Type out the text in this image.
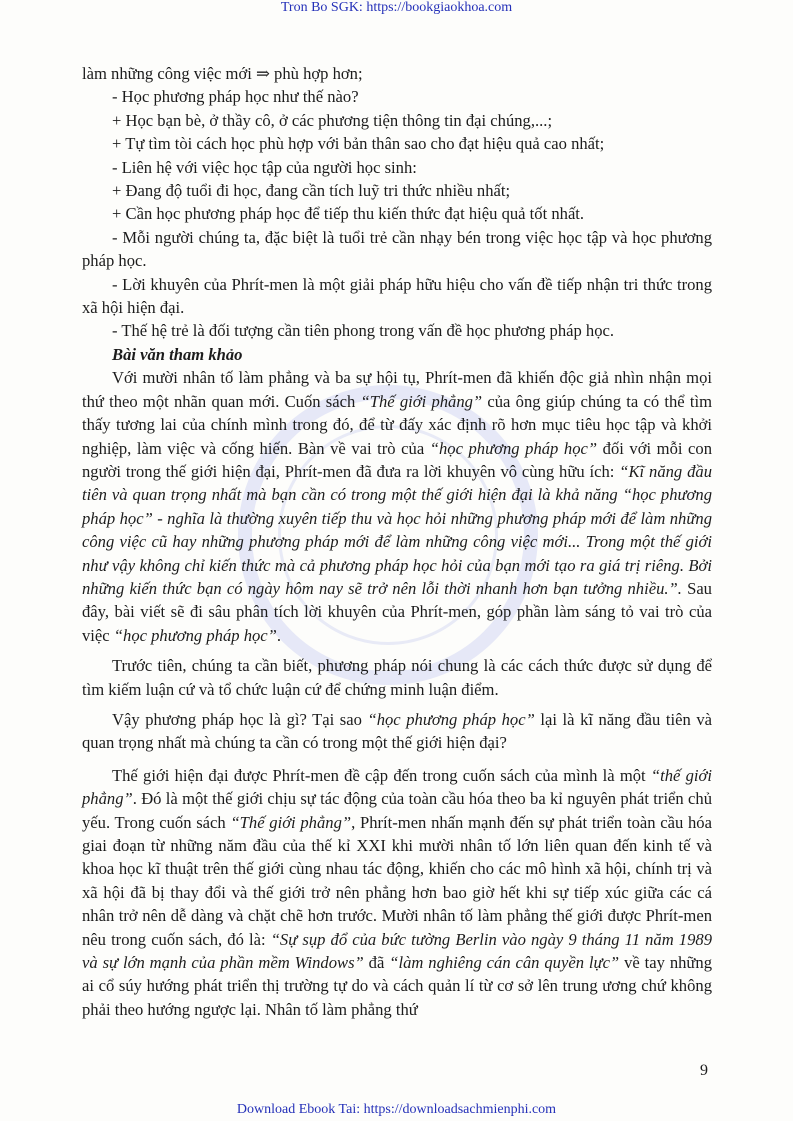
Tron Bo SGK: https://bookgiaokhoa.com

làm những công việc mới ⇒ phù hợp hơn;

- Học phương pháp học như thế nào?

+ Học bạn bè, ở thầy cô, ở các phương tiện thông tin đại chúng,...;

+ Tự tìm tòi cách học phù hợp với bản thân sao cho đạt hiệu quả cao nhất;

- Liên hệ với việc học tập của người học sinh:

+ Đang độ tuổi đi học, đang cần tích luỹ tri thức nhiều nhất;

+ Cần học phương pháp học để tiếp thu kiến thức đạt hiệu quả tốt nhất.

- Mỗi người chúng ta, đặc biệt là tuổi trẻ cần nhạy bén trong việc học tập và học phương pháp học.

- Lời khuyên của Phrít-men là một giải pháp hữu hiệu cho vấn đề tiếp nhận tri thức trong xã hội hiện đại.

- Thế hệ trẻ là đối tượng cần tiên phong trong vấn đề học phương pháp học.

Bài văn tham khảo

Với mười nhân tố làm phẳng và ba sự hội tụ, Phrít-men đã khiến độc giả nhìn nhận mọi thứ theo một nhãn quan mới. Cuốn sách “Thế giới phẳng” của ông giúp chúng ta có thể tìm thấy tương lai của chính mình trong đó, để từ đấy xác định rõ hơn mục tiêu học tập và khởi nghiệp, làm việc và cống hiến. Bàn về vai trò của “học phương pháp học” đối với mỗi con người trong thế giới hiện đại, Phrít-men đã đưa ra lời khuyên vô cùng hữu ích: “Kĩ năng đầu tiên và quan trọng nhất mà bạn cần có trong một thế giới hiện đại là khả năng “học phương pháp học” - nghĩa là thường xuyên tiếp thu và học hỏi những phương pháp mới để làm những công việc cũ hay những phương pháp mới để làm những công việc mới... Trong một thế giới như vậy không chỉ kiến thức mà cả phương pháp học hỏi của bạn mới tạo ra giá trị riêng. Bởi những kiến thức bạn có ngày hôm nay sẽ trở nên lỗi thời nhanh hơn bạn tưởng nhiều.”. Sau đây, bài viết sẽ đi sâu phân tích lời khuyên của Phrít-men, góp phần làm sáng tỏ vai trò của việc “học phương pháp học”.

Trước tiên, chúng ta cần biết, phương pháp nói chung là các cách thức được sử dụng để tìm kiếm luận cứ và tổ chức luận cứ để chứng minh luận điểm.

Vậy phương pháp học là gì? Tại sao “học phương pháp học” lại là kĩ năng đầu tiên và quan trọng nhất mà chúng ta cần có trong một thế giới hiện đại?

Thế giới hiện đại được Phrít-men đề cập đến trong cuốn sách của mình là một “thế giới phẳng”. Đó là một thế giới chịu sự tác động của toàn cầu hóa theo ba kỉ nguyên phát triển chủ yếu. Trong cuốn sách “Thế giới phẳng”, Phrít-men nhấn mạnh đến sự phát triển toàn cầu hóa giai đoạn từ những năm đầu của thế kỉ XXI khi mười nhân tố lớn liên quan đến kinh tế và khoa học kĩ thuật trên thế giới cùng nhau tác động, khiến cho các mô hình xã hội, chính trị và xã hội đã bị thay đổi và thế giới trở nên phẳng hơn bao giờ hết khi sự tiếp xúc giữa các cá nhân trở nên dễ dàng và chặt chẽ hơn trước. Mười nhân tố làm phẳng thế giới được Phrít-men nêu trong cuốn sách, đó là: “Sự sụp đổ của bức tường Berlin vào ngày 9 tháng 11 năm 1989 và sự lớn mạnh của phần mềm Windows” đã “làm nghiêng cán cân quyền lực” về tay những ai cổ súy hướng phát triển thị trường tự do và cách quản lí từ cơ sở lên trung ương chứ không phải theo hướng ngược lại. Nhân tố làm phẳng thứ

9
Download Ebook Tai: https://downloadsachmienphi.com
